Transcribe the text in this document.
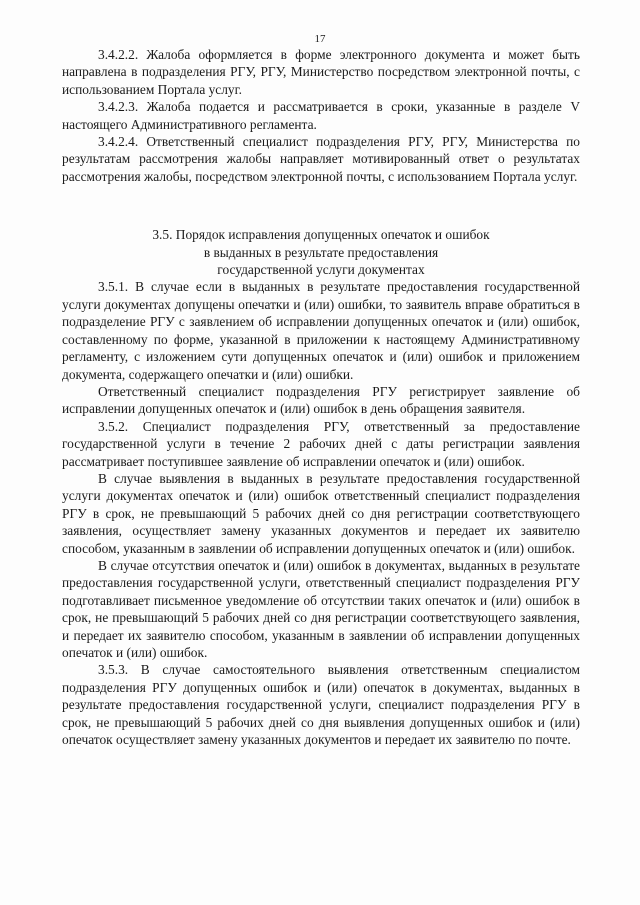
17

3.4.2.2. Жалоба оформляется в форме электронного документа и может быть направлена в подразделения РГУ, РГУ, Министерство посредством электронной почты, с использованием Портала услуг.

3.4.2.3. Жалоба подается и рассматривается в сроки, указанные в разделе V настоящего Административного регламента.

3.4.2.4. Ответственный специалист подразделения РГУ, РГУ, Министерства по результатам рассмотрения жалобы направляет мотивированный ответ о результатах рассмотрения жалобы, посредством электронной почты, с использованием Портала услуг.

3.5. Порядок исправления допущенных опечаток и ошибок
в выданных в результате предоставления
государственной услуги документах

3.5.1. В случае если в выданных в результате предоставления государственной услуги документах допущены опечатки и (или) ошибки, то заявитель вправе обратиться в подразделение РГУ с заявлением об исправлении допущенных опечаток и (или) ошибок, составленному по форме, указанной в приложении к настоящему Административному регламенту, с изложением сути допущенных опечаток и (или) ошибок и приложением документа, содержащего опечатки и (или) ошибки.

Ответственный специалист подразделения РГУ регистрирует заявление об исправлении допущенных опечаток и (или) ошибок в день обращения заявителя.

3.5.2. Специалист подразделения РГУ, ответственный за предоставление государственной услуги в течение 2 рабочих дней с даты регистрации заявления рассматривает поступившее заявление об исправлении опечаток и (или) ошибок.

В случае выявления в выданных в результате предоставления государственной услуги документах опечаток и (или) ошибок ответственный специалист подразделения РГУ в срок, не превышающий 5 рабочих дней со дня регистрации соответствующего заявления, осуществляет замену указанных документов и передает их заявителю способом, указанным в заявлении об исправлении допущенных опечаток и (или) ошибок.

В случае отсутствия опечаток и (или) ошибок в документах, выданных в результате предоставления государственной услуги, ответственный специалист подразделения РГУ подготавливает письменное уведомление об отсутствии таких опечаток и (или) ошибок в срок, не превышающий 5 рабочих дней со дня регистрации соответствующего заявления, и передает их заявителю способом, указанным в заявлении об исправлении допущенных опечаток и (или) ошибок.

3.5.3. В случае самостоятельного выявления ответственным специалистом подразделения РГУ допущенных ошибок и (или) опечаток в документах, выданных в результате предоставления государственной услуги, специалист подразделения РГУ в срок, не превышающий 5 рабочих дней со дня выявления допущенных ошибок и (или) опечаток осуществляет замену указанных документов и передает их заявителю по почте.
